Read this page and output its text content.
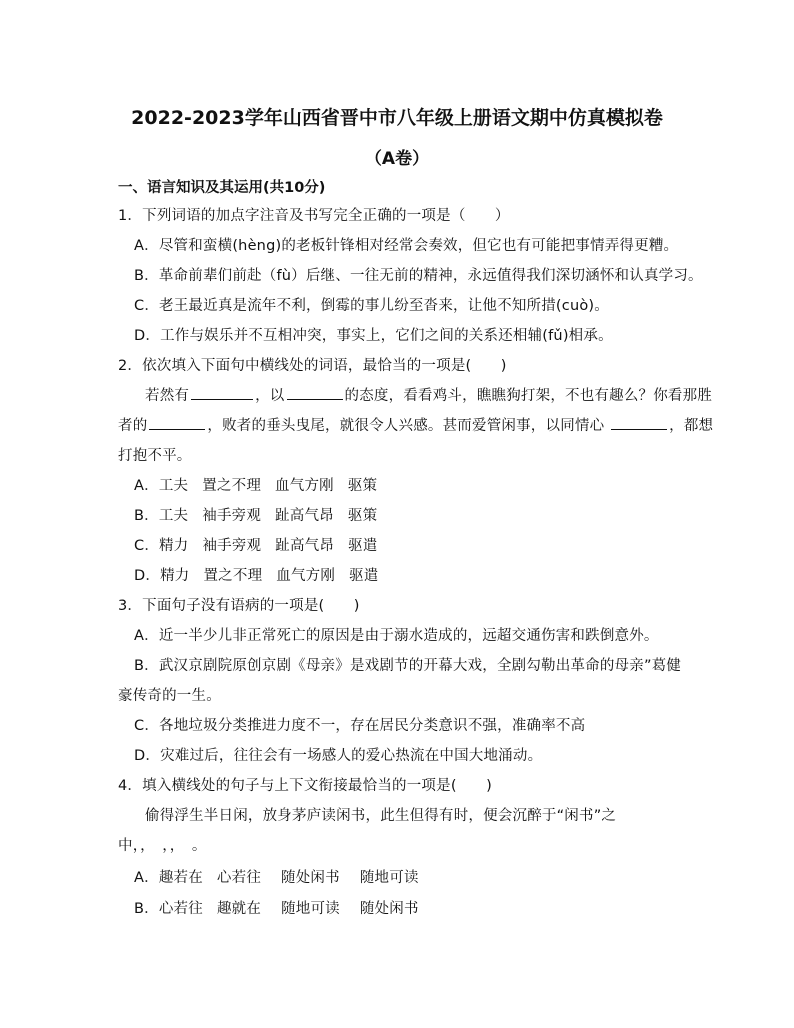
2022-2023学年山西省晋中市八年级上册语文期中仿真模拟卷
（A卷）
一、语言知识及其运用(共10分)
1．下列词语的加点字注音及书写完全正确的一项是（　　）
A．尽管和蛮横(hèng)的老板针锋相对经常会奏效，但它也有可能把事情弄得更糟。
B．革命前辈们前赴（fù）后继、一往无前的精神，永远值得我们深切涵怀和认真学习。
C．老王最近真是流年不利，倒霉的事儿纷至沓来，让他不知所措(cuò)。
D．工作与娱乐并不互相冲突，事实上，它们之间的关系还相辅(fǔ)相承。
2．依次填入下面句中横线处的词语，最恰当的一项是(　　)
若然有	，以	的态度，看看鸡斗，瞧瞧狗打架，不也有趣么？你看那胜
者的	，败者的垂头曳尾，就很令人兴感。甚而爱管闲事，以同情心	，都想
打抱不平。
A．工夫 置之不理 血气方刚 驱策
B．工夫 袖手旁观 趾高气昂 驱策
C．精力 袖手旁观 趾高气昂 驱遣
D．精力 置之不理 血气方刚 驱遣
3．下面句子没有语病的一项是(　　)
A．近一半少儿非正常死亡的原因是由于溺水造成的，远超交通伤害和跌倒意外。
B．武汉京剧院原创京剧《母亲》是戏剧节的开幕大戏，全剧勾勒出革命的母亲”葛健
豪传奇的一生。
C．各地垃圾分类推进力度不一，存在居民分类意识不强，准确率不高
D．灾难过后，往往会有一场感人的爱心热流在中国大地涌动。
4．填入横线处的句子与上下文衔接最恰当的一项是(　　)
偷得浮生半日闲，放身茅庐读闲书，此生但得有时，便会沉醉于“闲书”之
中，，　，，　。
A．趣若在 心若往 随处闲书 随地可读
B．心若往 趣就在 随地可读 随处闲书
